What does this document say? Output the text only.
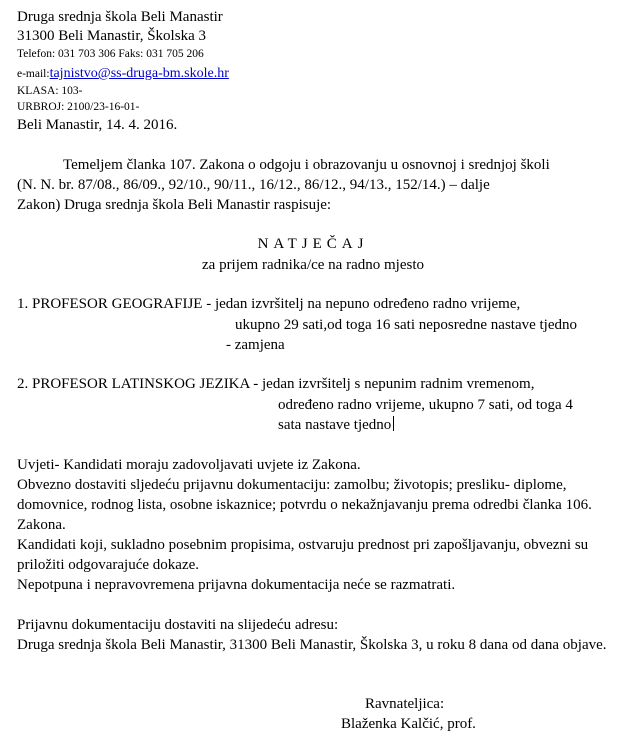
Druga srednja škola Beli Manastir
31300 Beli Manastir, Školska 3
Telefon: 031 703 306 Faks: 031 705 206
e-mail:tajnistvo@ss-druga-bm.skole.hr
KLASA: 103-
URBROJ: 2100/23-16-01-
Beli Manastir, 14. 4. 2016.
Temeljem članka 107. Zakona o odgoju i obrazovanju u osnovnoj i srednjoj školi
(N. N. br. 87/08., 86/09., 92/10., 90/11., 16/12., 86/12., 94/13., 152/14.) – dalje
Zakon) Druga srednja škola Beli Manastir raspisuje:
NATJEČAJ
za prijem radnika/ce na radno mjesto
1. PROFESOR GEOGRAFIJE - jedan izvršitelj na nepuno određeno radno vrijeme,
ukupno 29 sati,od toga 16 sati neposredne nastave tjedno
- zamjena
2. PROFESOR LATINSKOG JEZIKA - jedan izvršitelj s nepunim radnim vremenom,
određeno radno vrijeme, ukupno 7 sati, od toga 4
sata nastave tjedno
Uvjeti- Kandidati moraju zadovoljavati uvjete iz Zakona.
Obvezno dostaviti sljedeću prijavnu dokumentaciju: zamolbu; životopis; presliku- diplome,
domovnice, rodnog lista, osobne iskaznice; potvrdu o nekažnjavanju prema odredbi članka 106.
Zakona.
Kandidati koji, sukladno posebnim propisima, ostvaruju prednost pri zapošljavanju, obvezni su
priložiti odgovarajuće dokaze.
Nepotpuna i nepravovremena prijavna dokumentacija neće se razmatrati.
Prijavnu dokumentaciju dostaviti na slijedeću adresu:
Druga srednja škola Beli Manastir, 31300 Beli Manastir, Školska 3, u roku 8 dana od dana objave.
Ravnateljica:
Blaženka Kalčić, prof.
